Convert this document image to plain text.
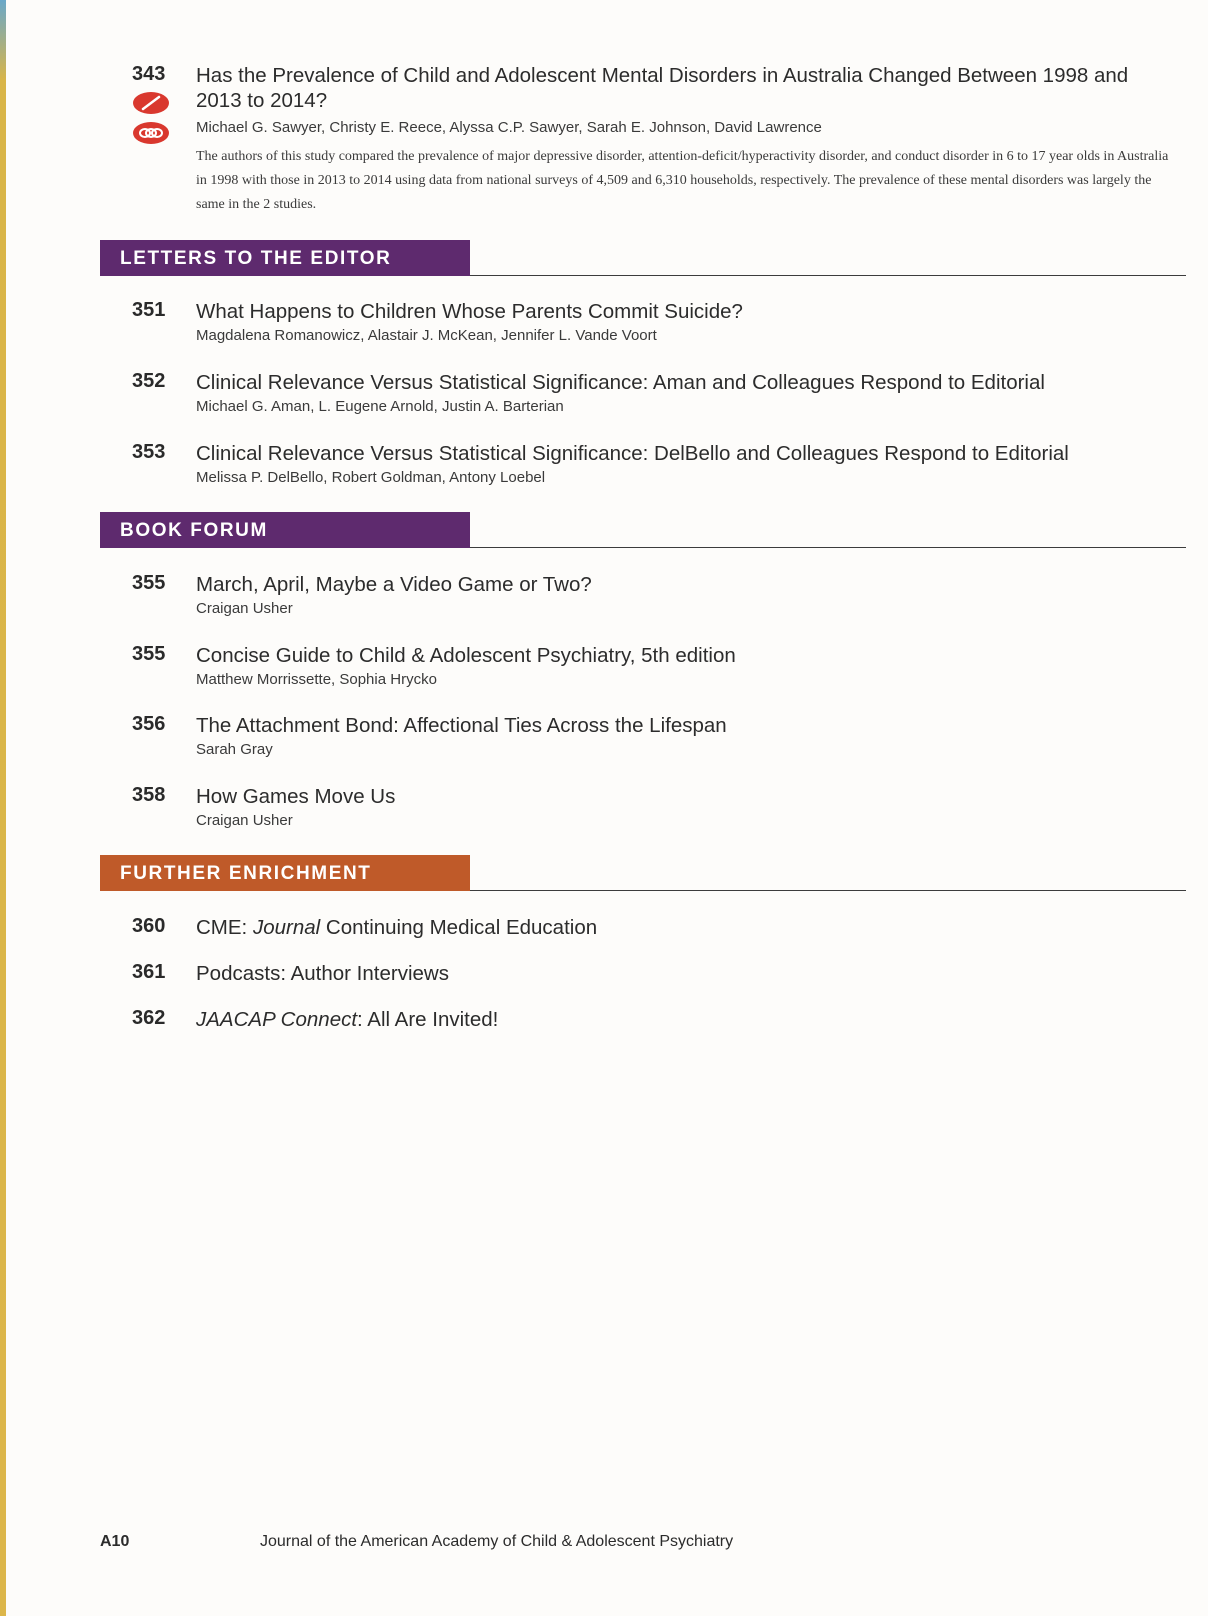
343	Has the Prevalence of Child and Adolescent Mental Disorders in Australia Changed Between 1998 and 2013 to 2014?
Michael G. Sawyer, Christy E. Reece, Alyssa C.P. Sawyer, Sarah E. Johnson, David Lawrence
The authors of this study compared the prevalence of major depressive disorder, attention-deficit/hyperactivity disorder, and conduct disorder in 6 to 17 year olds in Australia in 1998 with those in 2013 to 2014 using data from national surveys of 4,509 and 6,310 households, respectively. The prevalence of these mental disorders was largely the same in the 2 studies.
LETTERS TO THE EDITOR
351	What Happens to Children Whose Parents Commit Suicide?
Magdalena Romanowicz, Alastair J. McKean, Jennifer L. Vande Voort
352	Clinical Relevance Versus Statistical Significance: Aman and Colleagues Respond to Editorial
Michael G. Aman, L. Eugene Arnold, Justin A. Barterian
353	Clinical Relevance Versus Statistical Significance: DelBello and Colleagues Respond to Editorial
Melissa P. DelBello, Robert Goldman, Antony Loebel
BOOK FORUM
355	March, April, Maybe a Video Game or Two?
Craigan Usher
355	Concise Guide to Child & Adolescent Psychiatry, 5th edition
Matthew Morrissette, Sophia Hrycko
356	The Attachment Bond: Affectional Ties Across the Lifespan
Sarah Gray
358	How Games Move Us
Craigan Usher
FURTHER ENRICHMENT
360	CME: Journal Continuing Medical Education
361	Podcasts: Author Interviews
362	JAACAP Connect: All Are Invited!
A10	Journal of the American Academy of Child & Adolescent Psychiatry
